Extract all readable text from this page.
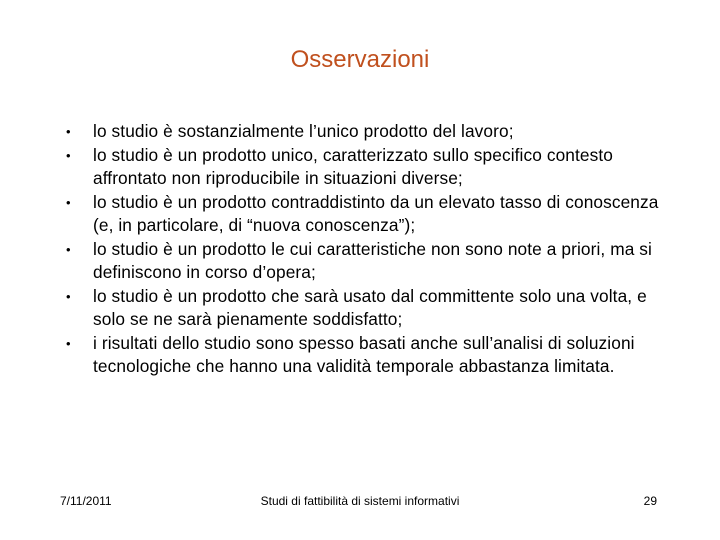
Osservazioni
• lo studio è sostanzialmente l’unico prodotto del lavoro;
• lo studio è un prodotto unico, caratterizzato sullo specifico contesto affrontato non riproducibile in situazioni diverse;
• lo studio è un prodotto contraddistinto da un elevato tasso di conoscenza (e, in particolare, di “nuova conoscenza”);
• lo studio è un prodotto le cui caratteristiche non sono note a priori, ma si definiscono in corso d’opera;
• lo studio è un prodotto che sarà usato dal committente solo una volta, e solo se ne sarà pienamente soddisfatto;
• i risultati dello studio sono spesso basati anche sull’analisi di soluzioni tecnologiche che hanno una validità temporale abbastanza limitata.
7/11/2011	Studi di fattibilità di sistemi informativi	29
